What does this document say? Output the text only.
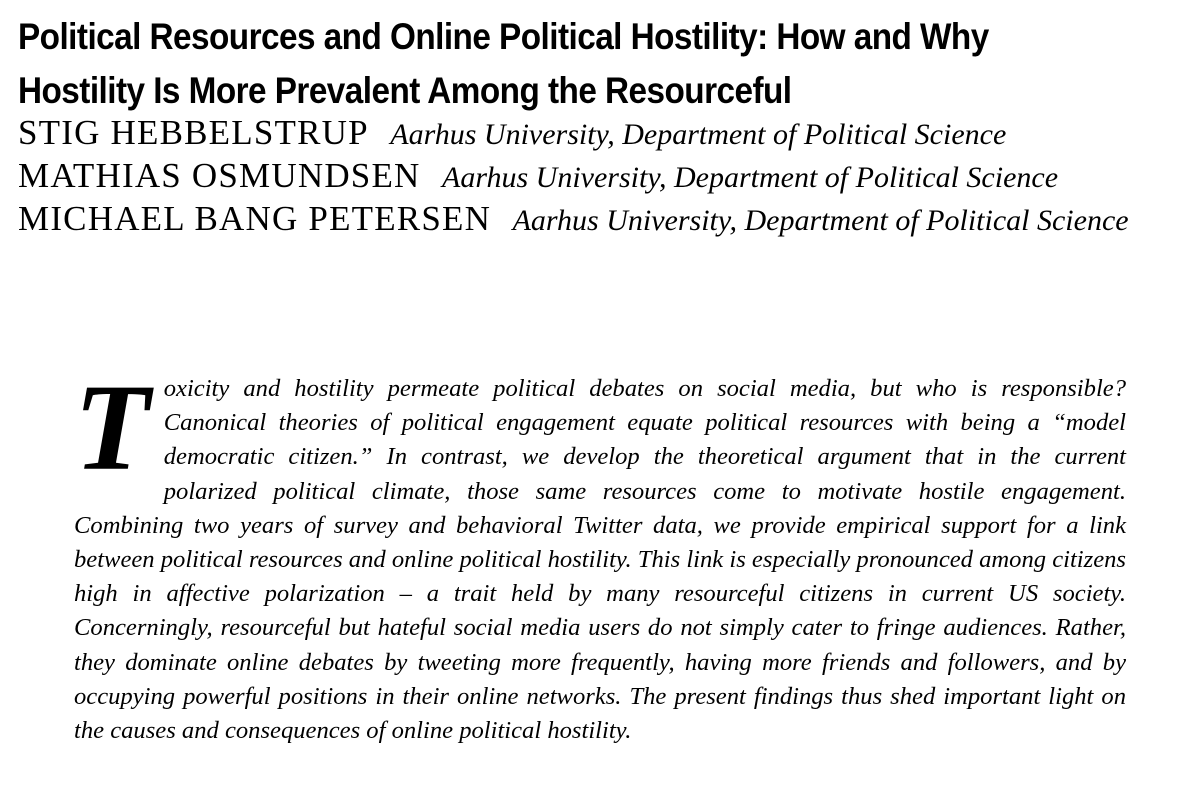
Political Resources and Online Political Hostility: How and Why
Hostility Is More Prevalent Among the Resourceful
STIG HEBBELSTRUP Aarhus University, Department of Political Science
MATHIAS OSMUNDSEN Aarhus University, Department of Political Science
MICHAEL BANG PETERSEN Aarhus University, Department of Political Science
Toxicity and hostility permeate political debates on social media, but who is responsible? Canonical theories of political engagement equate political resources with being a “model democratic citizen.” In contrast, we develop the theoretical argument that in the current polarized political climate, those same resources come to motivate hostile engagement. Combining two years of survey and behavioral Twitter data, we provide empirical support for a link between political resources and online political hostility. This link is especially pronounced among citizens high in affective polarization – a trait held by many resourceful citizens in current US society. Concerningly, resourceful but hateful social media users do not simply cater to fringe audiences. Rather, they dominate online debates by tweeting more frequently, having more friends and followers, and by occupying powerful positions in their online networks. The present findings thus shed important light on the causes and consequences of online political hostility.
